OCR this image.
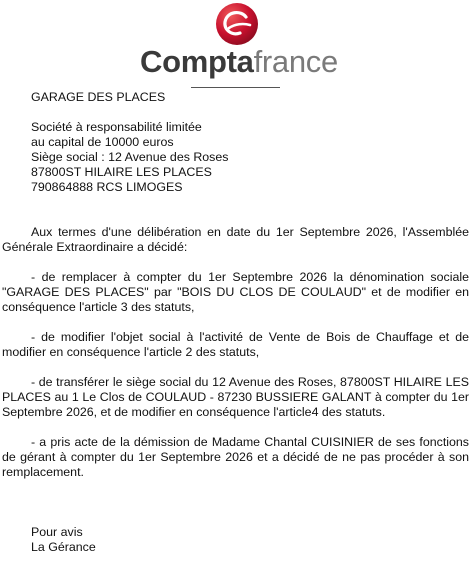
Comptafrance

GARAGE DES PLACES

Société à responsabilité limitée

au capital de 10000 euros

Siège social : 12 Avenue des Roses

87800ST HILAIRE LES PLACES

790864888 RCS LIMOGES

Aux termes d'une délibération en date du 1er Septembre 2026, l'Assemblée Générale Extraordinaire a décidé:

- de remplacer à compter du 1er Septembre 2026 la dénomination sociale "GARAGE DES PLACES" par "BOIS DU CLOS DE COULAUD" et de modifier en conséquence l'article 3 des statuts,

- de modifier l'objet social à l'activité de Vente de Bois de Chauffage et de modifier en conséquence l'article 2 des statuts,

- de transférer le siège social du 12 Avenue des Roses, 87800ST HILAIRE LES PLACES au 1 Le Clos de COULAUD - 87230 BUSSIERE GALANT à compter du 1er Septembre 2026, et de modifier en conséquence l'article4 des statuts.

- a pris acte de la démission de Madame Chantal CUISINIER de ses fonctions de gérant à compter du 1er Septembre 2026 et a décidé de ne pas procéder à son remplacement.

Pour avis

La Gérance
